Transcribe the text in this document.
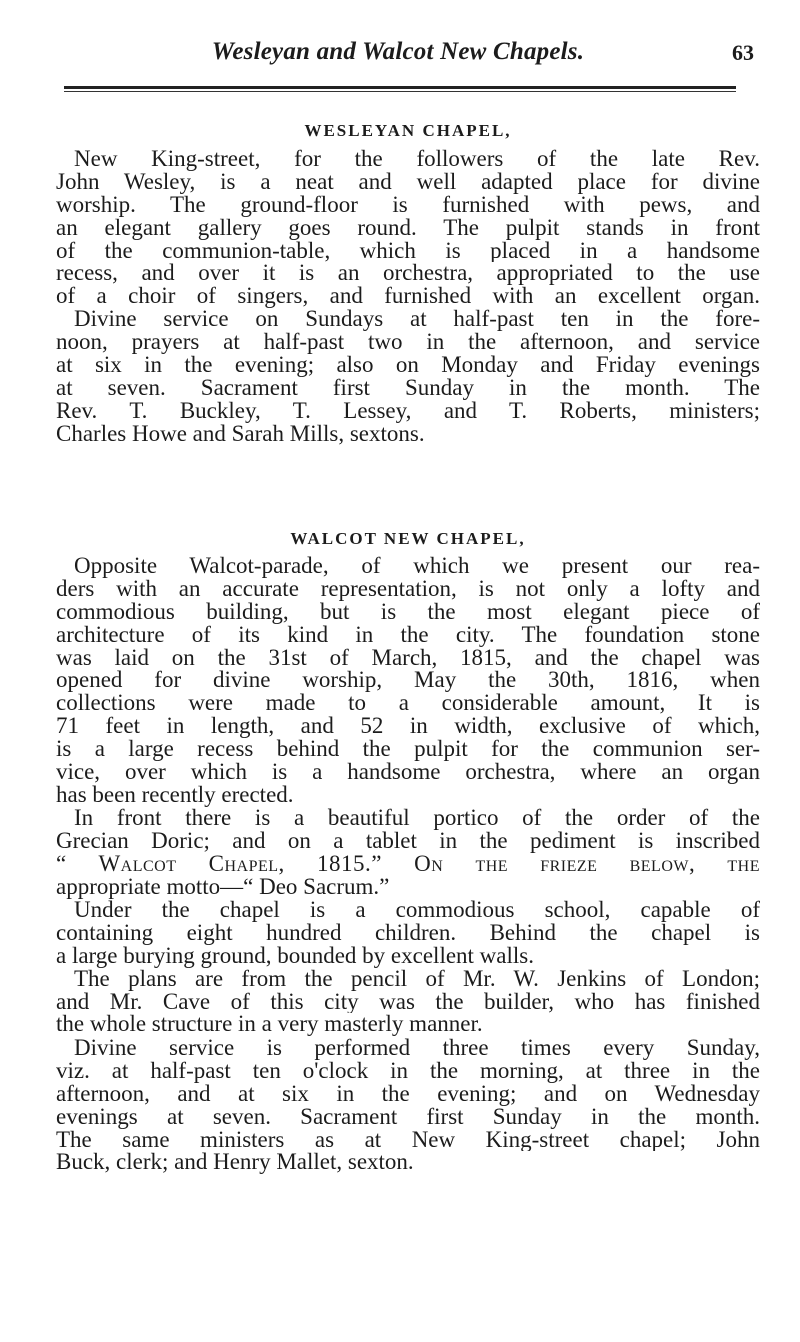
Wesleyan and Walcot New Chapels.	63
WESLEYAN CHAPEL,
New King-street, for the followers of the late Rev.
John Wesley, is a neat and well adapted place for divine
worship. The ground-floor is furnished with pews, and
an elegant gallery goes round. The pulpit stands in front
of the communion-table, which is placed in a handsome
recess, and over it is an orchestra, appropriated to the use
of a choir of singers, and furnished with an excellent organ.
Divine service on Sundays at half-past ten in the fore-
noon, prayers at half-past two in the afternoon, and service
at six in the evening; also on Monday and Friday evenings
at seven. Sacrament first Sunday in the month. The
Rev. T. Buckley, T. Lessey, and T. Roberts, ministers;
Charles Howe and Sarah Mills, sextons.
WALCOT NEW CHAPEL,
Opposite Walcot-parade, of which we present our rea-
ders with an accurate representation, is not only a lofty and
commodious building, but is the most elegant piece of
architecture of its kind in the city. The foundation stone
was laid on the 31st of March, 1815, and the chapel was
opened for divine worship, May the 30th, 1816, when
collections were made to a considerable amount, It is
71 feet in length, and 52 in width, exclusive of which,
is a large recess behind the pulpit for the communion ser-
vice, over which is a handsome orchestra, where an organ
has been recently erected.
In front there is a beautiful portico of the order of the
Grecian Doric; and on a tablet in the pediment is inscribed
“ Walcot Chapel, 1815.” On the frieze below, the
appropriate motto—“ Deo Sacrum.”
Under the chapel is a commodious school, capable of
containing eight hundred children. Behind the chapel is
a large burying ground, bounded by excellent walls.
The plans are from the pencil of Mr. W. Jenkins of London;
and Mr. Cave of this city was the builder, who has finished
the whole structure in a very masterly manner.
Divine service is performed three times every Sunday,
viz. at half-past ten o'clock in the morning, at three in the
afternoon, and at six in the evening; and on Wednesday
evenings at seven. Sacrament first Sunday in the month.
The same ministers as at New King-street chapel; John
Buck, clerk; and Henry Mallet, sexton.
